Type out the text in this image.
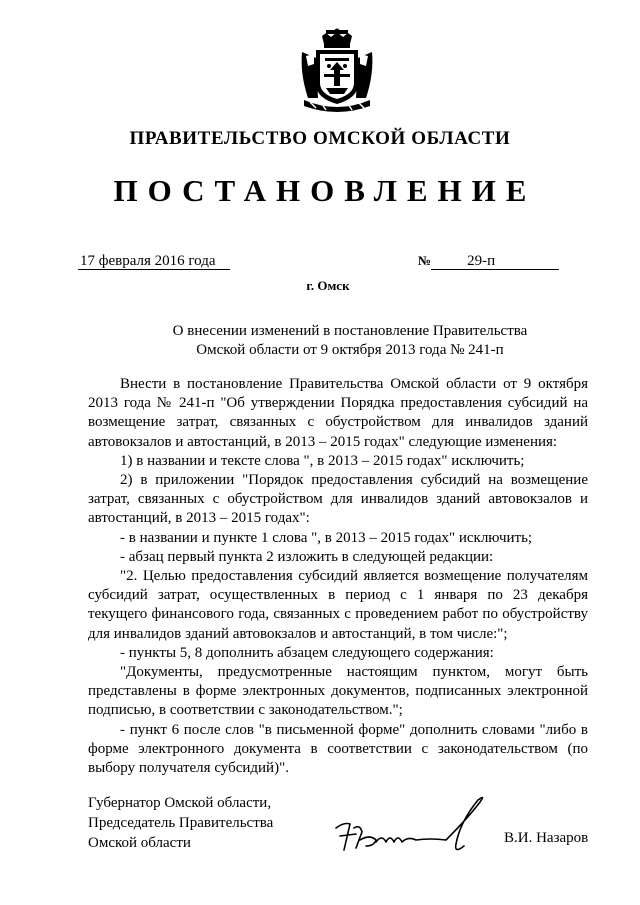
ПРАВИТЕЛЬСТВО ОМСКОЙ ОБЛАСТИ
ПОСТАНОВЛЕНИЕ
17 февраля 2016 года	№ 29-п
г. Омск
О внесении изменений в постановление Правительства
Омской области от 9 октября 2013 года № 241-п

Внести в постановление Правительства Омской области от 9 октября 2013 года № 241-п "Об утверждении Порядка предоставления субсидий на возмещение затрат, связанных с обустройством для инвалидов зданий автовокзалов и автостанций, в 2013 – 2015 годах" следующие изменения:

1) в названии и тексте слова ", в 2013 – 2015 годах" исключить;

2) в приложении "Порядок предоставления субсидий на возмещение затрат, связанных с обустройством для инвалидов зданий автовокзалов и автостанций, в 2013 – 2015 годах":

- в названии и пункте 1 слова ", в 2013 – 2015 годах" исключить;

- абзац первый пункта 2 изложить в следующей редакции:

"2. Целью предоставления субсидий является возмещение получателям субсидий затрат, осуществленных в период с 1 января по 23 декабря текущего финансового года, связанных с проведением работ по обустройству для инвалидов зданий автовокзалов и автостанций, в том числе:";

- пункты 5, 8 дополнить абзацем следующего содержания:

"Документы, предусмотренные настоящим пунктом, могут быть представлены в форме электронных документов, подписанных электронной подписью, в соответствии с законодательством.";

- пункт 6 после слов "в письменной форме" дополнить словами "либо в форме электронного документа в соответствии с законодательством (по выбору получателя субсидий)".

Губернатор Омской области,
Председатель Правительства
Омской области	В.И. Назаров
